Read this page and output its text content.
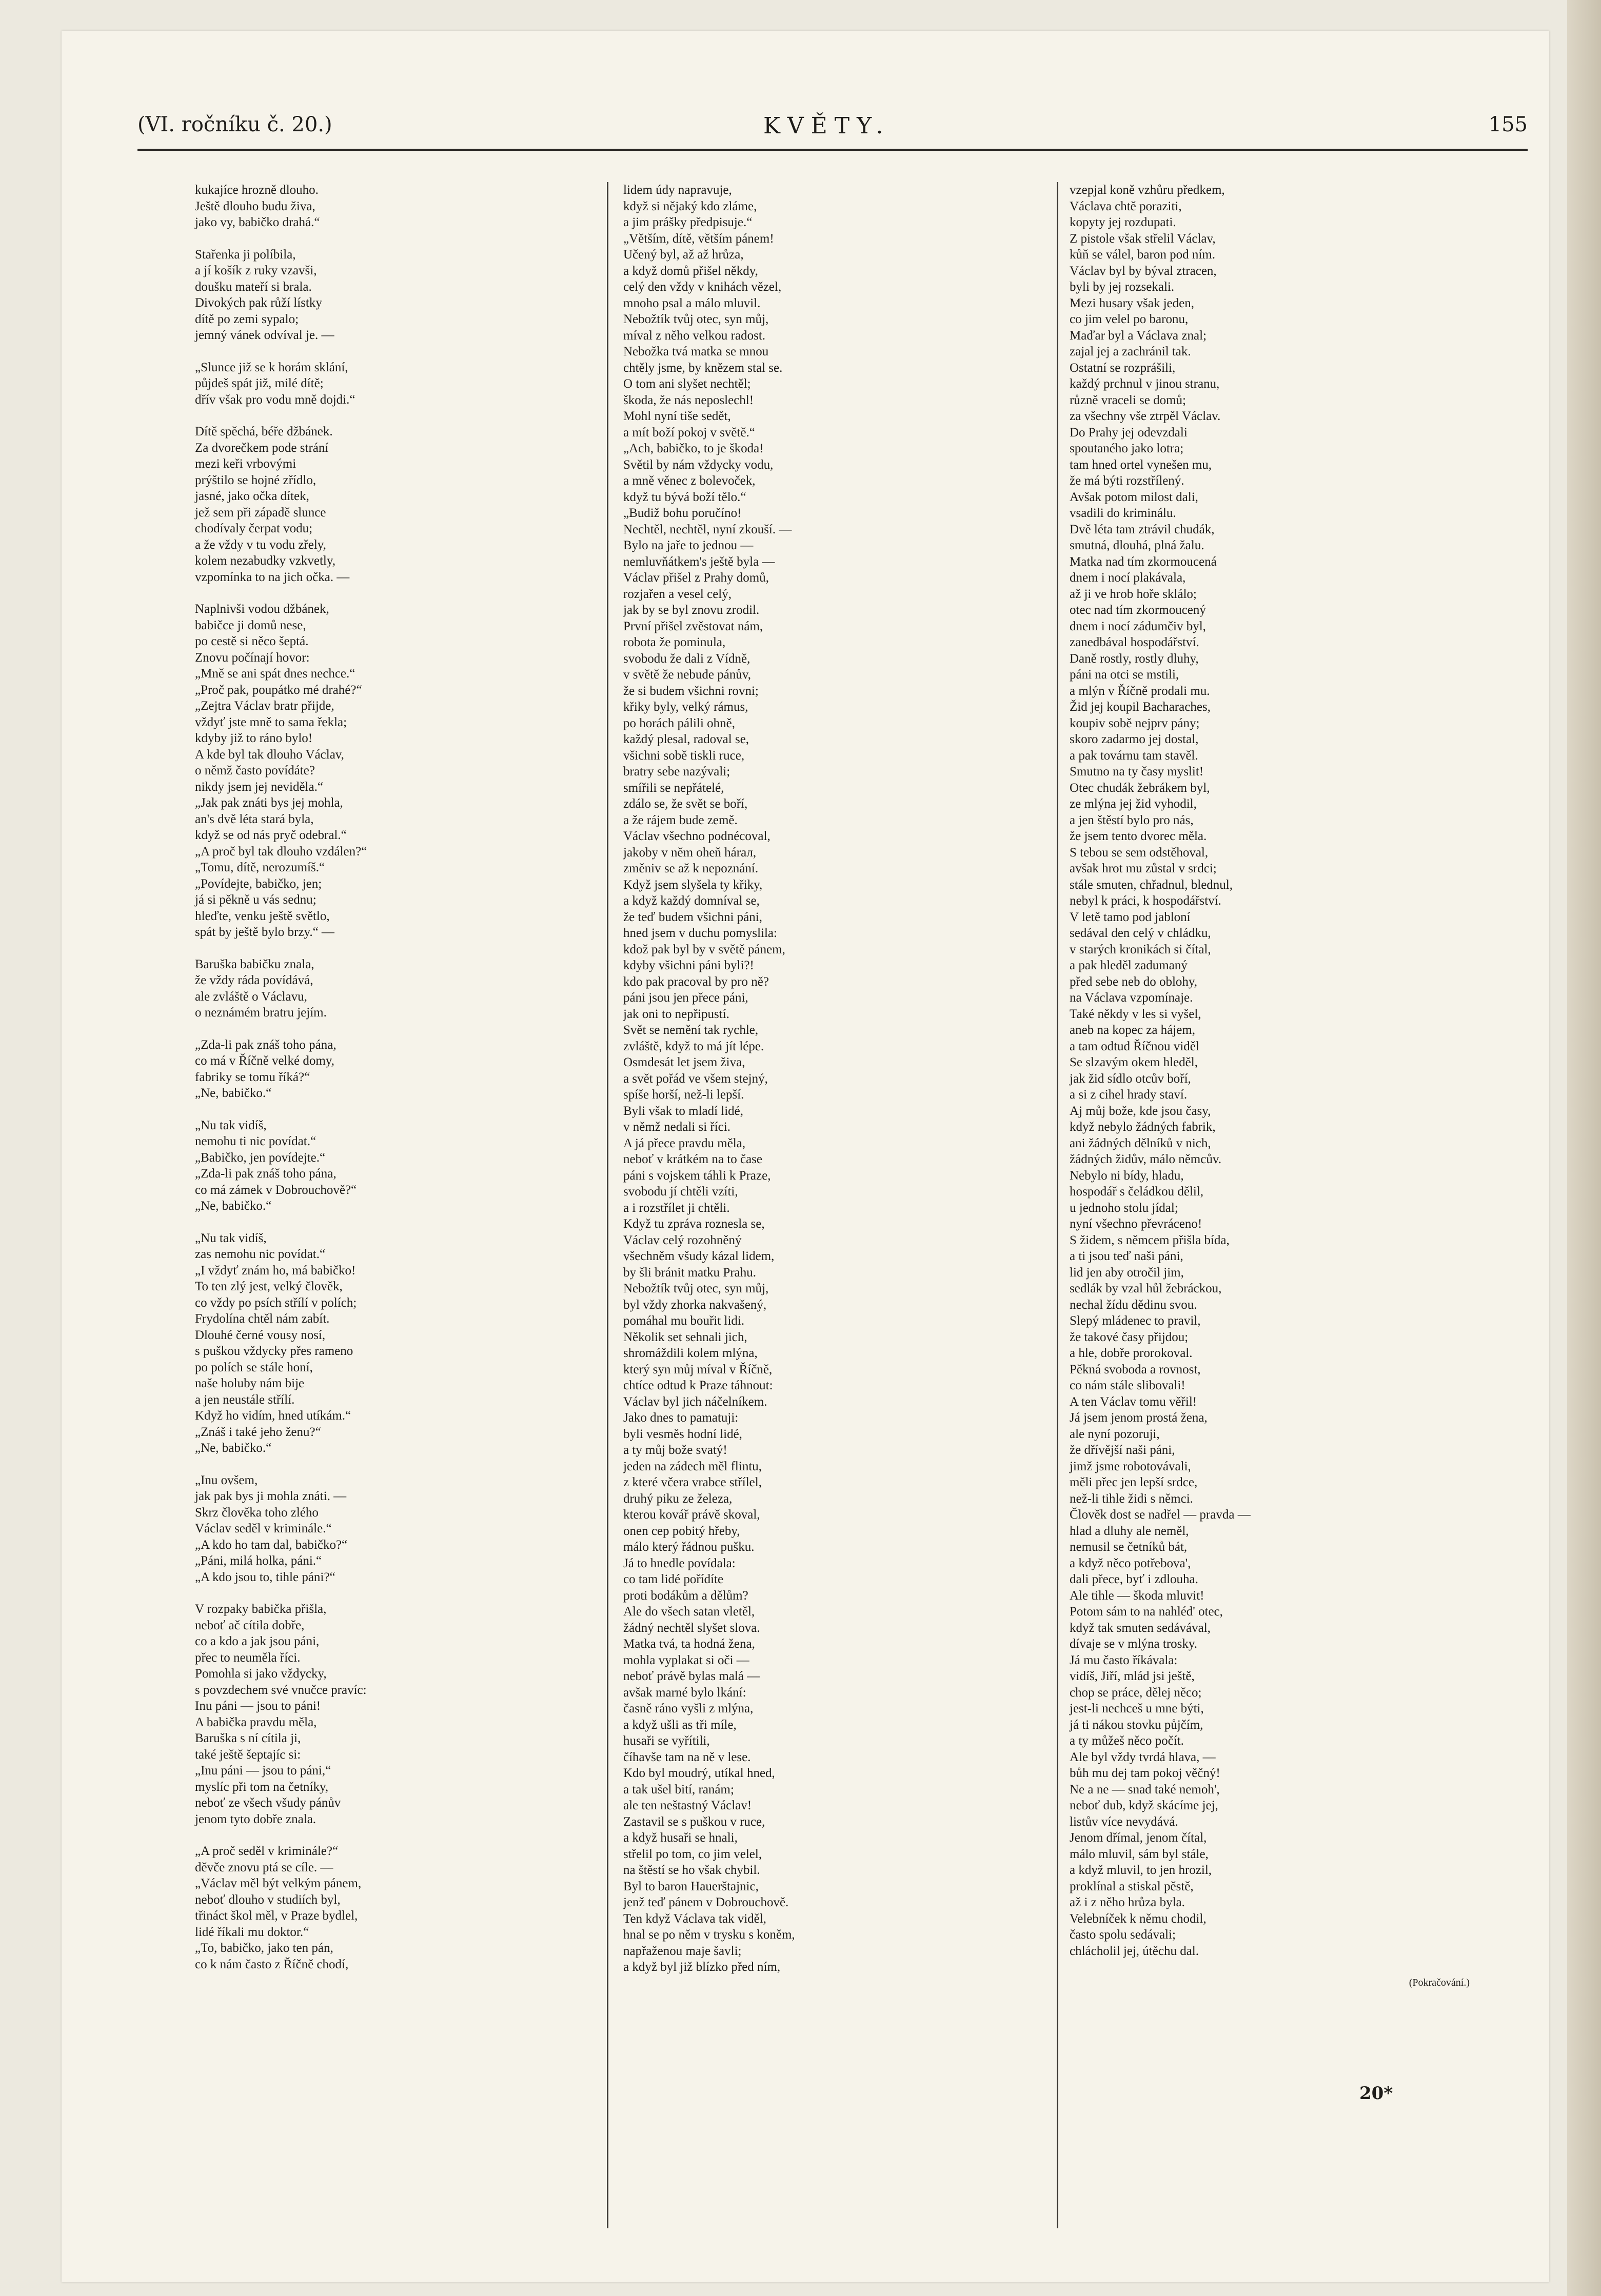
(VI. ročníku č. 20.)	KVĚTY.	155
kukajíce hrozně dlouho.
Ještě dlouho budu živa,
jako vy, babičko drahá.“
Stařenka ji políbila,
a jí košík z ruky vzavši,
doušku mateří si brala.
Divokých pak růží lístky
dítě po zemi sypalo;
jemný vánek odvíval je. —
„Slunce již se k horám sklání,
půjdeš spát již, milé dítě;
dřív však pro vodu mně dojdi.“
Dítě spěchá, béře džbánek.
Za dvorečkem pode strání
mezi keři vrbovými
prýštilo se hojné zřídlo,
jasné, jako očka dítek,
jež sem při západě slunce
chodívaly čerpat vodu;
a že vždy v tu vodu zřely,
kolem nezabudky vzkvetly,
vzpomínka to na jich očka. —
Naplnivši vodou džbánek,
babičce ji domů nese,
po cestě si něco šeptá.
Znovu počínají hovor:
„Mně se ani spát dnes nechce.“
„Proč pak, poupátko mé drahé?“
„Zejtra Václav bratr přijde,
vždyť jste mně to sama řekla;
kdyby již to ráno bylo!
A kde byl tak dlouho Václav,
o němž často povídáte?
nikdy jsem jej neviděla.“
„Jak pak znáti bys jej mohla,
an's dvě léta stará byla,
když se od nás pryč odebral.“
„A proč byl tak dlouho vzdálen?“
„Tomu, dítě, nerozumíš.“
„Povídejte, babičko, jen;
já si pěkně u vás sednu;
hleďte, venku ještě světlo,
spát by ještě bylo brzy.“ —
Baruška babičku znala,
že vždy ráda povídává,
ale zvláště o Václavu,
o neznámém bratru jejím.
„Zda-li pak znáš toho pána,
co má v Říčně velké domy,
fabriky se tomu říká?“
„Ne, babičko.“
„Nu tak vidíš,
nemohu ti nic povídat.“
„Babičko, jen povídejte.“
„Zda-li pak znáš toho pána,
co má zámek v Dobrouchově?“
„Ne, babičko.“
„Nu tak vidíš,
zas nemohu nic povídat.“
„I vždyť znám ho, má babičko!
To ten zlý jest, velký člověk,
co vždy po psích střílí v polích;
Frydolína chtěl nám zabít.
Dlouhé černé vousy nosí,
s puškou vždycky přes rameno
po polích se stále honí,
naše holuby nám bije
a jen neustále střílí.
Když ho vidím, hned utíkám.“
„Znáš i také jeho ženu?“
„Ne, babičko.“
„Inu ovšem,
jak pak bys ji mohla znáti. —
Skrz člověka toho zlého
Václav seděl v kriminále.“
„A kdo ho tam dal, babičko?“
„Páni, milá holka, páni.“
„A kdo jsou to, tihle páni?“
V rozpaky babička přišla,
neboť ač cítila dobře,
co a kdo a jak jsou páni,
přec to neuměla říci.
Pomohla si jako vždycky,
s povzdechem své vnučce pravíc:
Inu páni — jsou to páni!
A babička pravdu měla,
Baruška s ní cítila ji,
také ještě šeptajíc si:
„Inu páni — jsou to páni,“
myslíc při tom na četníky,
neboť ze všech všudy pánův
jenom tyto dobře znala.
„A proč seděl v kriminále?“
děvče znovu ptá se cíle. —
„Václav měl být velkým pánem,
neboť dlouho v studiích byl,
třináct škol měl, v Praze bydlel,
lidé říkali mu doktor.“
„To, babičko, jako ten pán,
co k nám často z Říčně chodí,
lidem údy napravuje,
když si nějaký kdo zláme,
a jim prášky předpisuje.“
„Větším, dítě, větším pánem!
Učený byl, až až hrůza,
a když domů přišel někdy,
celý den vždy v knihách vězel,
mnoho psal a málo mluvil.
Nebožtík tvůj otec, syn můj,
míval z něho velkou radost.
Nebožka tvá matka se mnou
chtěly jsme, by knězem stal se.
O tom ani slyšet nechtěl;
škoda, že nás neposlechl!
Mohl nyní tiše sedět,
a mít boží pokoj v světě.“
„Ach, babičko, to je škoda!
Světil by nám vždycky vodu,
a mně věnec z bolevoček,
když tu bývá boží tělo.“
„Budiž bohu poručíno!
Nechtěl, nechtěl, nyní zkouší. —
Bylo na jaře to jednou —
nemluvňátkem's ještě byla —
Václav přišel z Prahy domů,
rozjařen a vesel celý,
jak by se byl znovu zrodil.
První přišel zvěstovat nám,
robota že pominula,
svobodu že dali z Vídně,
v světě že nebude pánův,
že si budem všichni rovni;
křiky byly, velký rámus,
po horách pálili ohně,
každý plesal, radoval se,
všichni sobě tiskli ruce,
bratry sebe nazývali;
smířili se nepřátelé,
zdálo se, že svět se boří,
a že rájem bude země.
Václav všechno podnécoval,
jakoby v něm oheň hárал,
změniv se až k nepoznání.
Když jsem slyšela ty křiky,
a když každý domníval se,
že teď budem všichni páni,
hned jsem v duchu pomyslila:
kdož pak byl by v světě pánem,
kdyby všichni páni byli?!
kdo pak pracoval by pro ně?
páni jsou jen přece páni,
jak oni to nepřipustí.
Svět se nemění tak rychle,
zvláště, když to má jít lépe.
Osmdesát let jsem živa,
a svět pořád ve všem stejný,
spíše horší, než-li lepší.
Byli však to mladí lidé,
v němž nedali si říci.
A já přece pravdu měla,
neboť v krátkém na to čase
páni s vojskem táhli k Praze,
svobodu jí chtěli vzíti,
a i rozstřílet ji chtěli.
Když tu zpráva roznesla se,
Václav celý rozohněný
všechněm všudy kázal lidem,
by šli bránit matku Prahu.
Nebožtík tvůj otec, syn můj,
byl vždy zhorka nakvašený,
pomáhal mu bouřit lidi.
Několik set sehnali jich,
shromáždili kolem mlýna,
který syn můj míval v Říčně,
chtíce odtud k Praze táhnout:
Václav byl jich náčelníkem.
Jako dnes to pamatuji:
byli vesměs hodní lidé,
a ty můj bože svatý!
jeden na zádech měl flintu,
z které včera vrabce střílel,
druhý piku ze železa,
kterou kovář právě skoval,
onen cep pobitý hřeby,
málo který řádnou pušku.
Já to hnedle povídala:
co tam lidé pořídíte
proti bodákům a dělům?
Ale do všech satan vletěl,
žádný nechtěl slyšet slova.
Matka tvá, ta hodná žena,
mohla vyplakat si oči —
neboť právě bylas malá —
avšak marné bylo lkání:
časně ráno vyšli z mlýna,
a když ušli as tři míle,
husaři se vyřítili,
číhavše tam na ně v lese.
Kdo byl moudrý, utíkal hned,
a tak ušel bití, ranám;
ale ten neštastný Václav!
Zastavil se s puškou v ruce,
a když husaři se hnali,
střelil po tom, co jim velel,
na štěstí se ho však chybil.
Byl to baron Hauerštajnic,
jenž teď pánem v Dobrouchově.
Ten když Václava tak viděl,
hnal se po něm v trysku s koněm,
napřaženou maje šavli;
a když byl již blízko před ním,
vzepjal koně vzhůru předkem,
Václava chtě poraziti,
kopyty jej rozdupati.
Z pistole však střelil Václav,
kůň se válel, baron pod ním.
Václav byl by býval ztracen,
byli by jej rozsekali.
Mezi husary však jeden,
co jim velel po baronu,
Maďar byl a Václava znal;
zajal jej a zachránil tak.
Ostatní se rozprášili,
každý prchnul v jinou stranu,
různě vraceli se domů;
za všechny vše ztrpěl Václav.
Do Prahy jej odevzdali
spoutaného jako lotra;
tam hned ortel vynešen mu,
že má býti rozstřílený.
Avšak potom milost dali,
vsadili do kriminálu.
Dvě léta tam ztrávil chudák,
smutná, dlouhá, plná žalu.
Matka nad tím zkormoucená
dnem i nocí plakávala,
až ji ve hrob hoře sklálo;
otec nad tím zkormoucený
dnem i nocí zádumčiv byl,
zanedbával hospodářství.
Daně rostly, rostly dluhy,
páni na otci se mstili,
a mlýn v Říčně prodali mu.
Žid jej koupil Bacharaches,
koupiv sobě nejprv pány;
skoro zadarmo jej dostal,
a pak továrnu tam stavěl.
Smutno na ty časy myslit!
Otec chudák žebrákem byl,
ze mlýna jej žid vyhodil,
a jen štěstí bylo pro nás,
že jsem tento dvorec měla.
S tebou se sem odstěhoval,
avšak hrot mu zůstal v srdci;
stále smuten, chřadnul, blednul,
nebyl k práci, k hospodářství.
V letě tamo pod jabloní
sedával den celý v chládku,
v starých kronikách si čítal,
a pak hleděl zadumaný
před sebe neb do oblohy,
na Václava vzpomínaje.
Také někdy v les si vyšel,
aneb na kopec za hájem,
a tam odtud Říčnou viděl
Se slzavým okem hleděl,
jak žid sídlo otcův boří,
a si z cihel hrady staví.
Aj můj bože, kde jsou časy,
když nebylo žádných fabrik,
ani žádných dělníků v nich,
žádných židův, málo němcův.
Nebylo ni bídy, hladu,
hospodář s čeládkou dělil,
u jednoho stolu jídal;
nyní všechno převráceno!
S židem, s němcem přišla bída,
a ti jsou teď naši páni,
lid jen aby otročil jim,
sedlák by vzal hůl žebráckou,
nechal žídu dědinu svou.
Slepý mládenec to pravil,
že takové časy přijdou;
a hle, dobře prorokoval.
Pěkná svoboda a rovnost,
co nám stále slibovali!
A ten Václav tomu věřil!
Já jsem jenom prostá žena,
ale nyní pozoruji,
že dřívější naši páni,
jimž jsme robotovávali,
měli přec jen lepší srdce,
než-li tihle židi s němci.
Člověk dost se nadřel — pravda —
hlad a dluhy ale neměl,
nemusil se četníků bát,
a když něco potřebova',
dali přece, byť i zdlouha.
Ale tihle — škoda mluvit!
Potom sám to na nahléd' otec,
když tak smuten sedávával,
dívaje se v mlýna trosky.
Já mu často říkávala:
vidíš, Jiří, mlád jsi ještě,
chop se práce, dělej něco;
jest-li nechceš u mne býti,
já ti nákou stovku půjčím,
a ty můžeš něco počít.
Ale byl vždy tvrdá hlava, —
bůh mu dej tam pokoj věčný!
Ne a ne — snad také nemoh',
neboť dub, když skácíme jej,
listův více nevydává.
Jenom dřímal, jenom čítal,
málo mluvil, sám byl stále,
a když mluvil, to jen hrozil,
proklínal a stiskal pěstě,
až i z něho hrůza byla.
Velebníček k němu chodil,
často spolu sedávali;
chlácholil jej, útěchu dal.
(Pokračování.)
20*
